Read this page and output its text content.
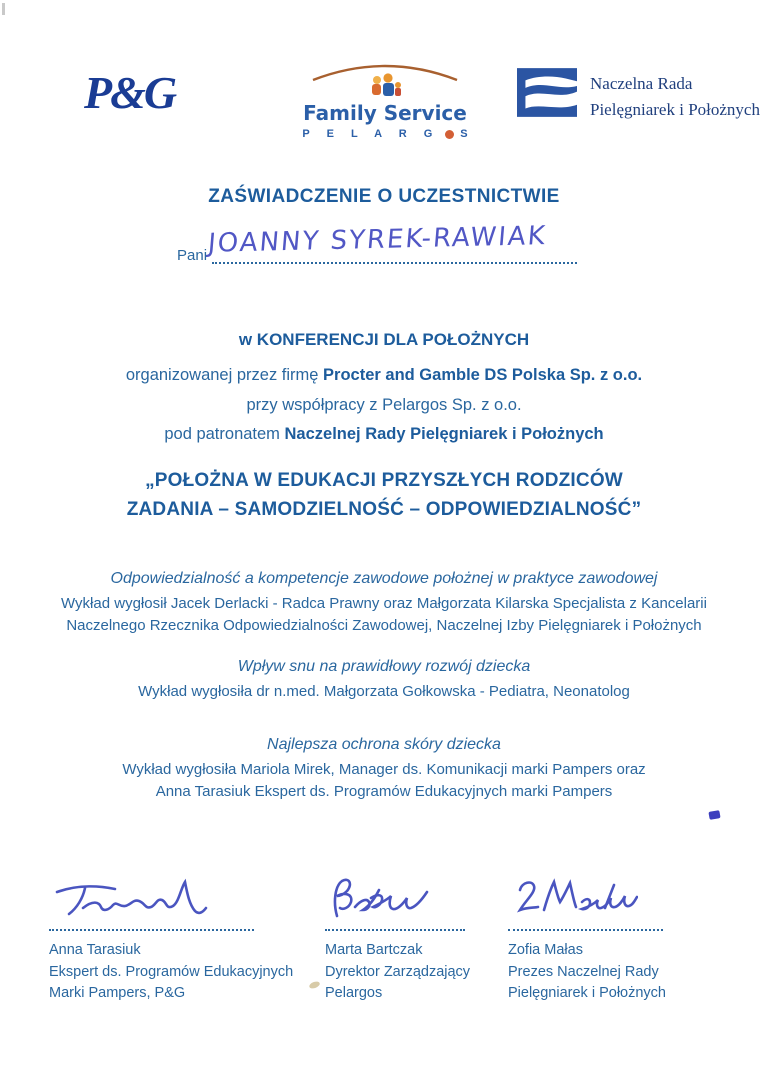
P&G	Family Service
P E L A R G S
Naczelna Rada
Pielęgniarek i Położnych
ZAŚWIADCZENIE O UCZESTNICTWIE
JOANNY SYREK-RAWIAK
Pani
w KONFERENCJI DLA POŁOŻNYCH
organizowanej przez firmę Procter and Gamble DS Polska Sp. z o.o.
przy współpracy z Pelargos Sp. z o.o.
pod patronatem Naczelnej Rady Pielęgniarek i Położnych
„POŁOŻNA W EDUKACJI PRZYSZŁYCH RODZICÓW
ZADANIA – SAMODZIELNOŚĆ – ODPOWIEDZIALNOŚĆ”
Odpowiedzialność a kompetencje zawodowe położnej w praktyce zawodowej
Wykład wygłosił Jacek Derlacki - Radca Prawny oraz Małgorzata Kilarska Specjalista z Kancelarii
Naczelnego Rzecznika Odpowiedzialności Zawodowej, Naczelnej Izby Pielęgniarek i Położnych
Wpływ snu na prawidłowy rozwój dziecka
Wykład wygłosiła dr n.med. Małgorzata Gołkowska - Pediatra, Neonatolog
Najlepsza ochrona skóry dziecka
Wykład wygłosiła Mariola Mirek, Manager ds. Komunikacji marki Pampers oraz
Anna Tarasiuk Ekspert ds. Programów Edukacyjnych marki Pampers
Anna Tarasiuk
Ekspert ds. Programów Edukacyjnych
Marki Pampers, P&G
Marta Bartczak
Dyrektor Zarządzający
Pelargos
Zofia Małas
Prezes Naczelnej Rady
Pielęgniarek i Położnych
